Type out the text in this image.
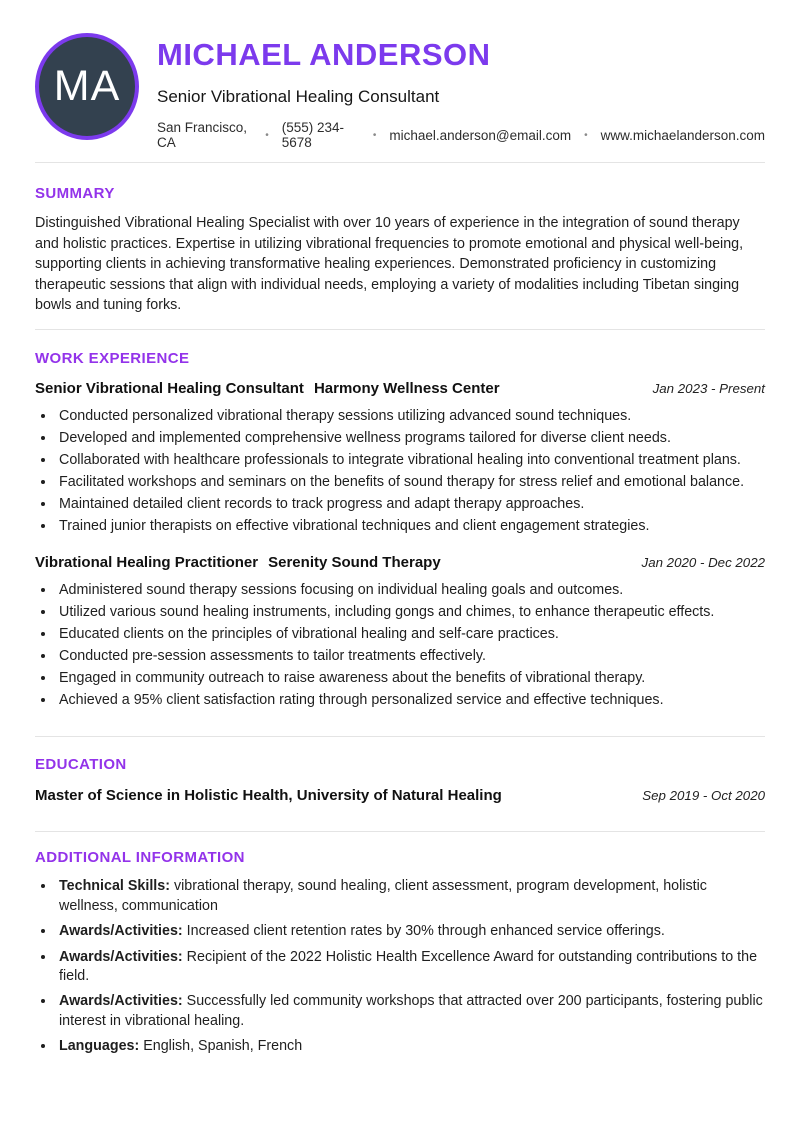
MA
MICHAEL ANDERSON
Senior Vibrational Healing Consultant
San Francisco, CA	• (555) 234-5678	• michael.anderson@email.com • www.michaelanderson.com
SUMMARY

Distinguished Vibrational Healing Specialist with over 10 years of experience in the integration of sound therapy and holistic practices. Expertise in utilizing vibrational frequencies to promote emotional and physical well-being, supporting clients in achieving transformative healing experiences. Demonstrated proficiency in customizing therapeutic sessions that align with individual needs, employing a variety of modalities including Tibetan singing bowls and tuning forks.

WORK EXPERIENCE
Senior Vibrational Healing Consultant Harmony Wellness Center	Jan 2023 - Present
• Conducted personalized vibrational therapy sessions utilizing advanced sound techniques.
• Developed and implemented comprehensive wellness programs tailored for diverse client needs.
• Collaborated with healthcare professionals to integrate vibrational healing into conventional treatment plans.
• Facilitated workshops and seminars on the benefits of sound therapy for stress relief and emotional balance.
• Maintained detailed client records to track progress and adapt therapy approaches.
• Trained junior therapists on effective vibrational techniques and client engagement strategies.
Vibrational Healing Practitioner Serenity Sound Therapy	Jan 2020 - Dec 2022
• Administered sound therapy sessions focusing on individual healing goals and outcomes.
• Utilized various sound healing instruments, including gongs and chimes, to enhance therapeutic effects.
• Educated clients on the principles of vibrational healing and self-care practices.
• Conducted pre-session assessments to tailor treatments effectively.
• Engaged in community outreach to raise awareness about the benefits of vibrational therapy.
• Achieved a 95% client satisfaction rating through personalized service and effective techniques.
EDUCATION
Master of Science in Holistic Health, University of Natural Healing	Sep 2019 - Oct 2020
ADDITIONAL INFORMATION
• Technical Skills: vibrational therapy, sound healing, client assessment, program development, holistic wellness, communication
• Awards/Activities: Increased client retention rates by 30% through enhanced service offerings.
• Awards/Activities: Recipient of the 2022 Holistic Health Excellence Award for outstanding contributions to the field.
• Awards/Activities: Successfully led community workshops that attracted over 200 participants, fostering public interest in vibrational healing.
• Languages: English, Spanish, French
